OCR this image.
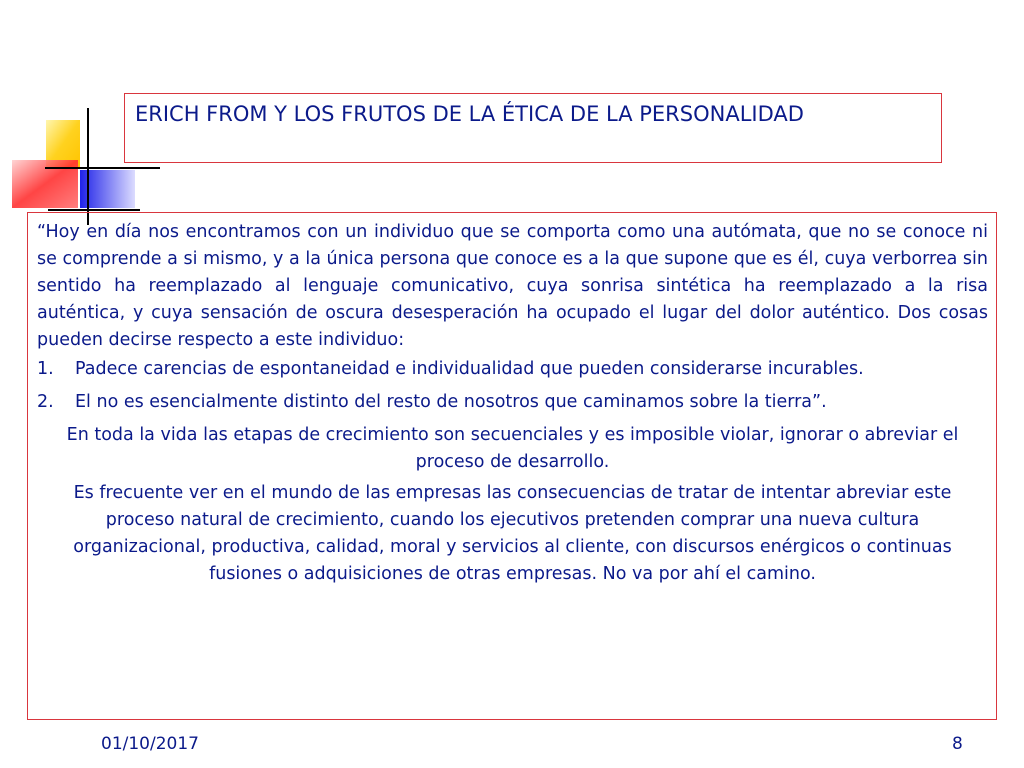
ERICH FROM Y LOS FRUTOS DE LA ÉTICA DE LA PERSONALIDAD

“Hoy en día nos encontramos con un individuo que se comporta como una autómata, que no se conoce ni se comprende a si mismo, y a la única persona que conoce es a la que supone que es él, cuya verborrea sin sentido ha reemplazado al lenguaje comunicativo, cuya sonrisa sintética ha reemplazado a la risa auténtica, y cuya sensación de oscura desesperación ha ocupado el lugar del dolor auténtico. Dos cosas pueden decirse respecto a este individuo:

1.	Padece carencias de espontaneidad e individualidad que pueden considerarse incurables.
2.	El no es esencialmente distinto del resto de nosotros que caminamos sobre la tierra”.

En toda la vida las etapas de crecimiento son secuenciales y es imposible violar, ignorar o abreviar el proceso de desarrollo.

Es frecuente ver en el mundo de las empresas las consecuencias de tratar de intentar abreviar este proceso natural de crecimiento, cuando los ejecutivos pretenden comprar una nueva cultura organizacional, productiva, calidad, moral y servicios al cliente, con discursos enérgicos o continuas fusiones o adquisiciones de otras empresas. No va por ahí el camino.

01/10/2017	8
